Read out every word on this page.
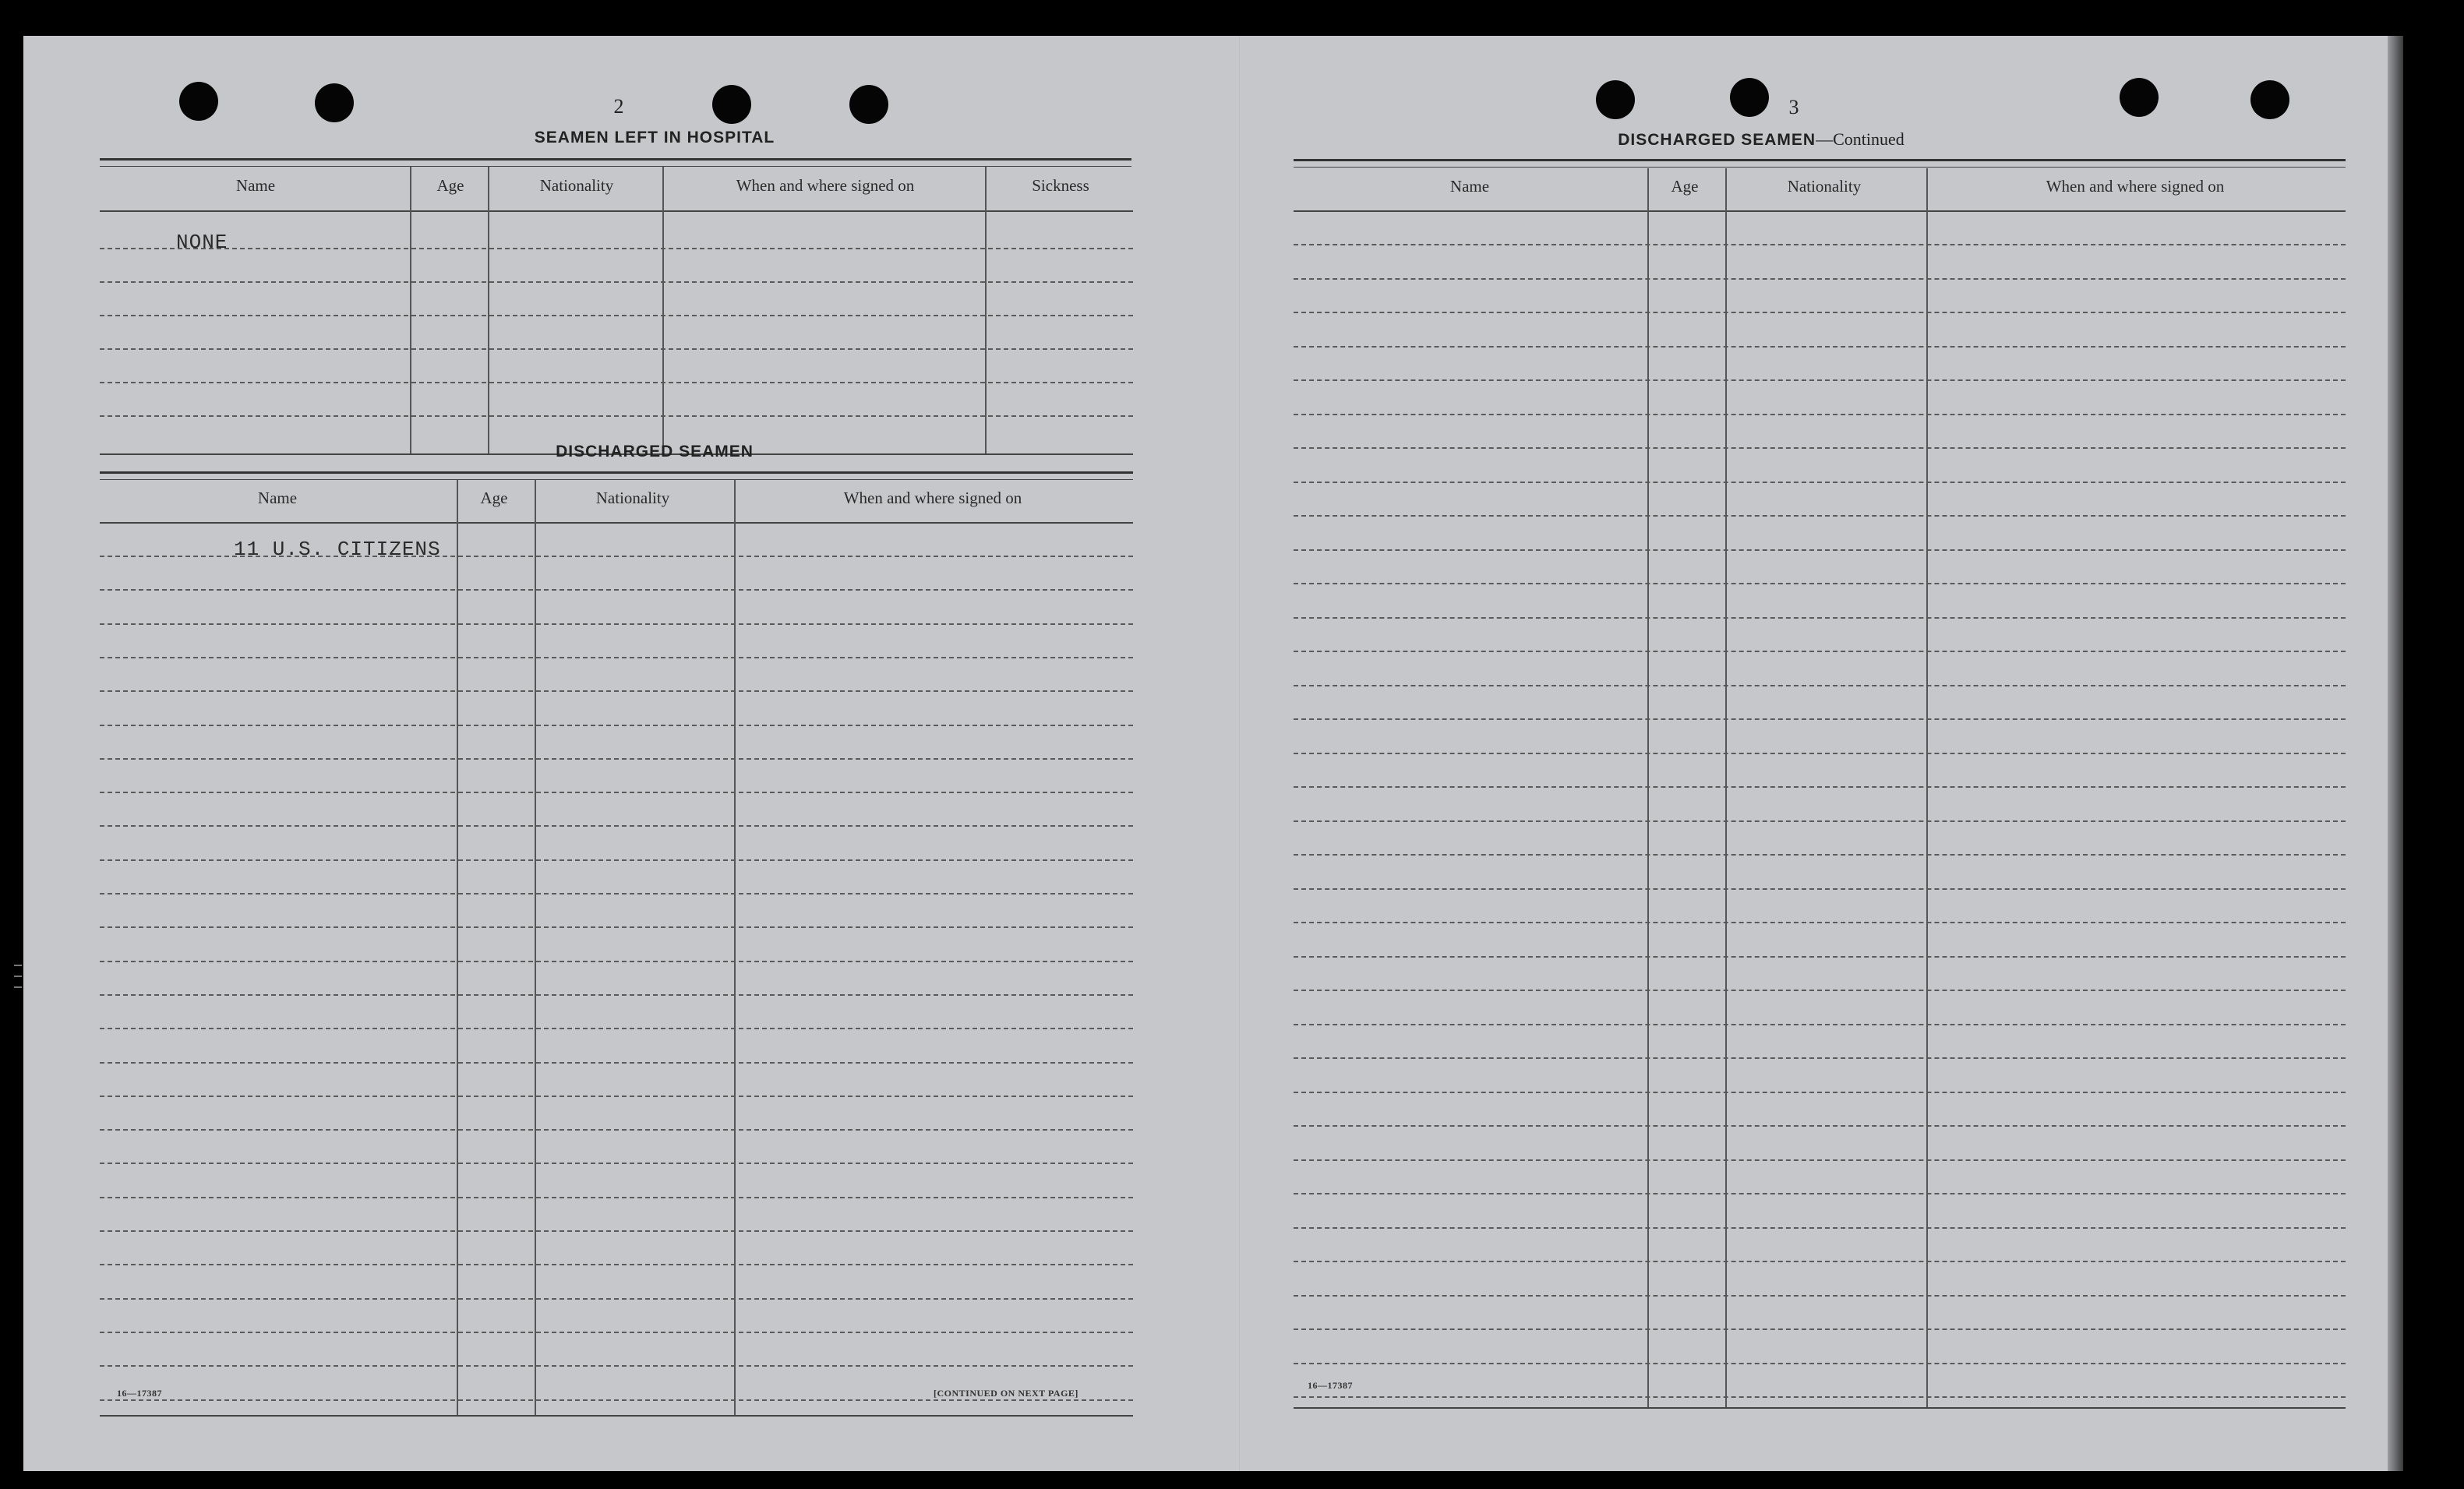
2
SEAMEN LEFT IN HOSPITAL
Name	Age	Nationality	When and where signed on	Sickness
NONE
DISCHARGED SEAMEN
Name	Age	Nationality	When and where signed on
11 U.S. CITIZENS
16—17387	[CONTINUED ON NEXT PAGE]
3
DISCHARGED SEAMEN—Continued
Name	Age	Nationality	When and where signed on
16—17387
